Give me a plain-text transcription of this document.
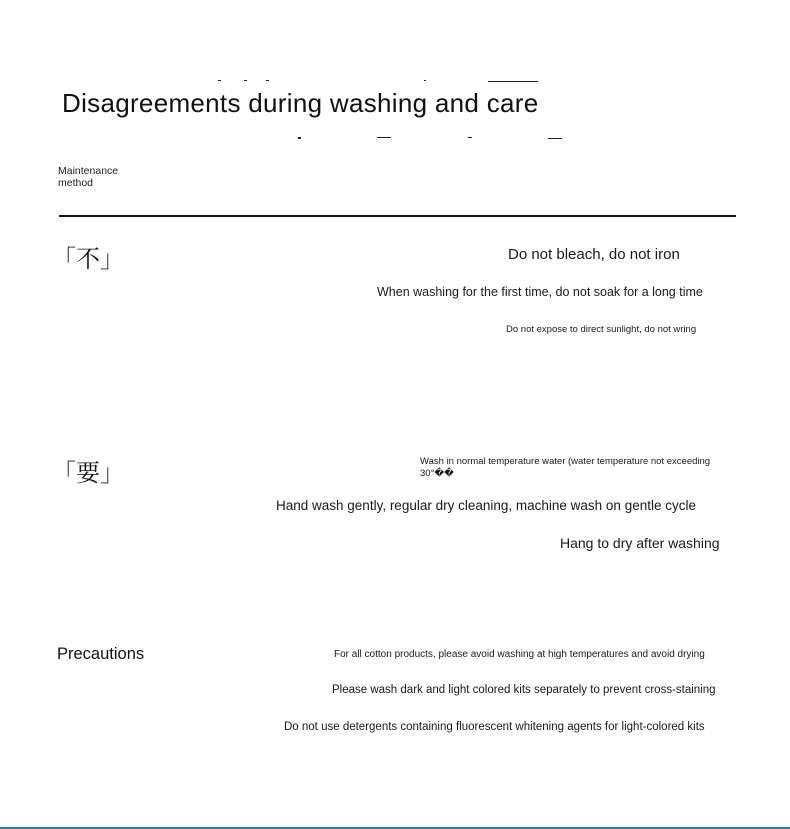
Disagreements during washing and care
Maintenance method
「不」	Do not bleach, do not iron
When washing for the first time, do not soak for a long time
Do not expose to direct sunlight, do not wring
「要」	Wash in normal temperature water (water temperature not exceeding 30°��
Hand wash gently, regular dry cleaning, machine wash on gentle cycle
Hang to dry after washing
Precautions	For all cotton products, please avoid washing at high temperatures and avoid drying
Please wash dark and light colored kits separately to prevent cross-staining
Do not use detergents containing fluorescent whitening agents for light-colored kits
